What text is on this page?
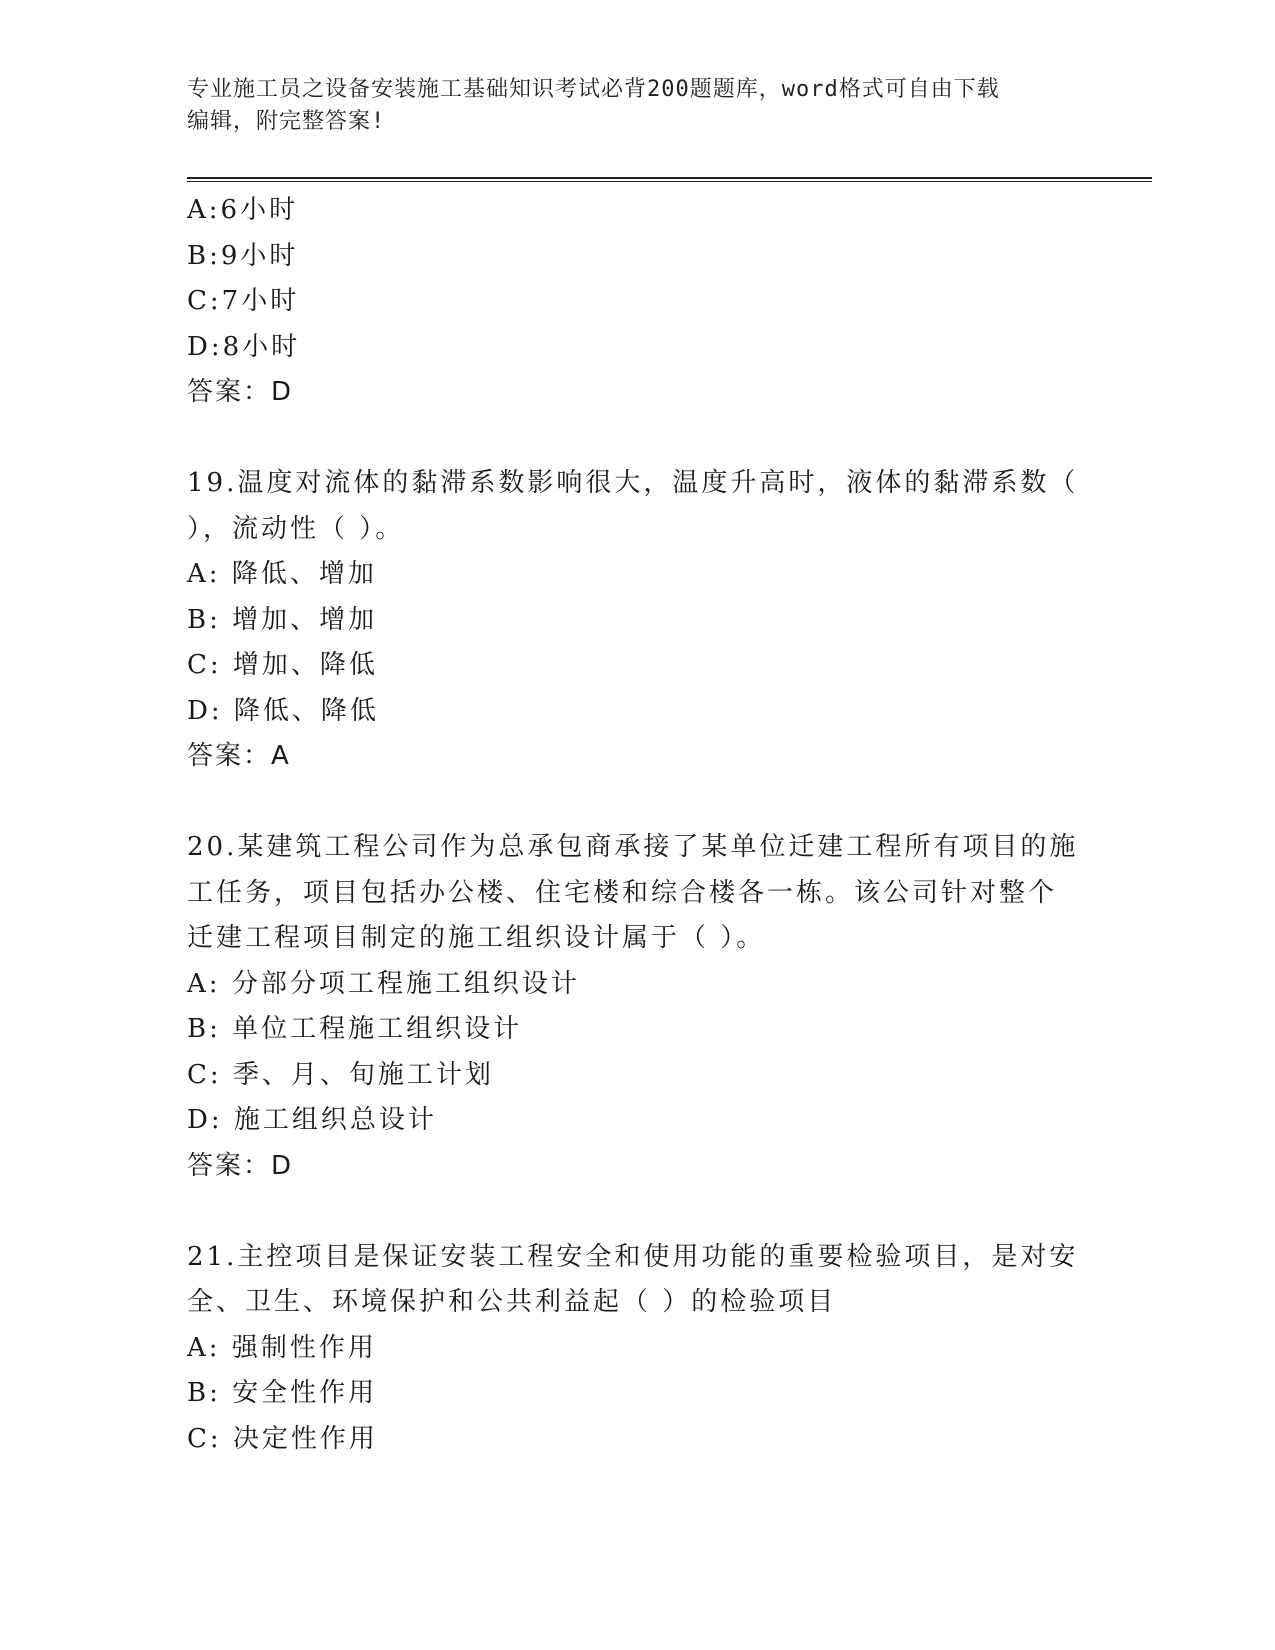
专业施工员之设备安装施工基础知识考试必背200题题库，word格式可自由下载
编辑，附完整答案!
A:6小时
B:9小时
C:7小时
D:8小时
答案：D
19.温度对流体的黏滞系数影响很大，温度升高时，液体的黏滞系数（
），流动性（ ）。
A: 降低、增加
B: 增加、增加
C: 增加、降低
D: 降低、降低
答案：A
20.某建筑工程公司作为总承包商承接了某单位迁建工程所有项目的施
工任务，项目包括办公楼、住宅楼和综合楼各一栋。该公司针对整个
迁建工程项目制定的施工组织设计属于（ ）。
A: 分部分项工程施工组织设计
B: 单位工程施工组织设计
C: 季、月、旬施工计划
D: 施工组织总设计
答案：D
21.主控项目是保证安装工程安全和使用功能的重要检验项目，是对安
全、卫生、环境保护和公共利益起（ ）的检验项目
A: 强制性作用
B: 安全性作用
C: 决定性作用
